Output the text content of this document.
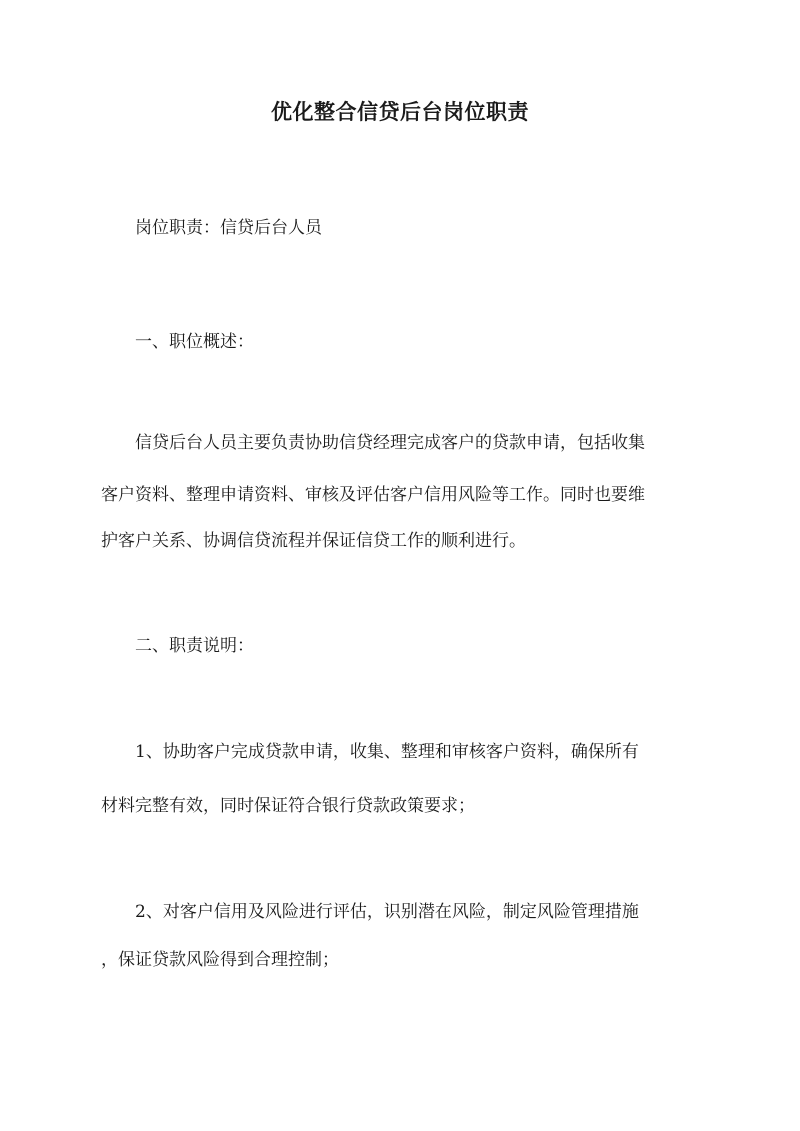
优化整合信贷后台岗位职责

岗位职责：信贷后台人员

一、职位概述：

信贷后台人员主要负责协助信贷经理完成客户的贷款申请，包括收集

客户资料、整理申请资料、审核及评估客户信用风险等工作。同时也要维

护客户关系、协调信贷流程并保证信贷工作的顺利进行。

二、职责说明：

1、协助客户完成贷款申请，收集、整理和审核客户资料，确保所有

材料完整有效，同时保证符合银行贷款政策要求；

2、对客户信用及风险进行评估，识别潜在风险，制定风险管理措施

，保证贷款风险得到合理控制；
